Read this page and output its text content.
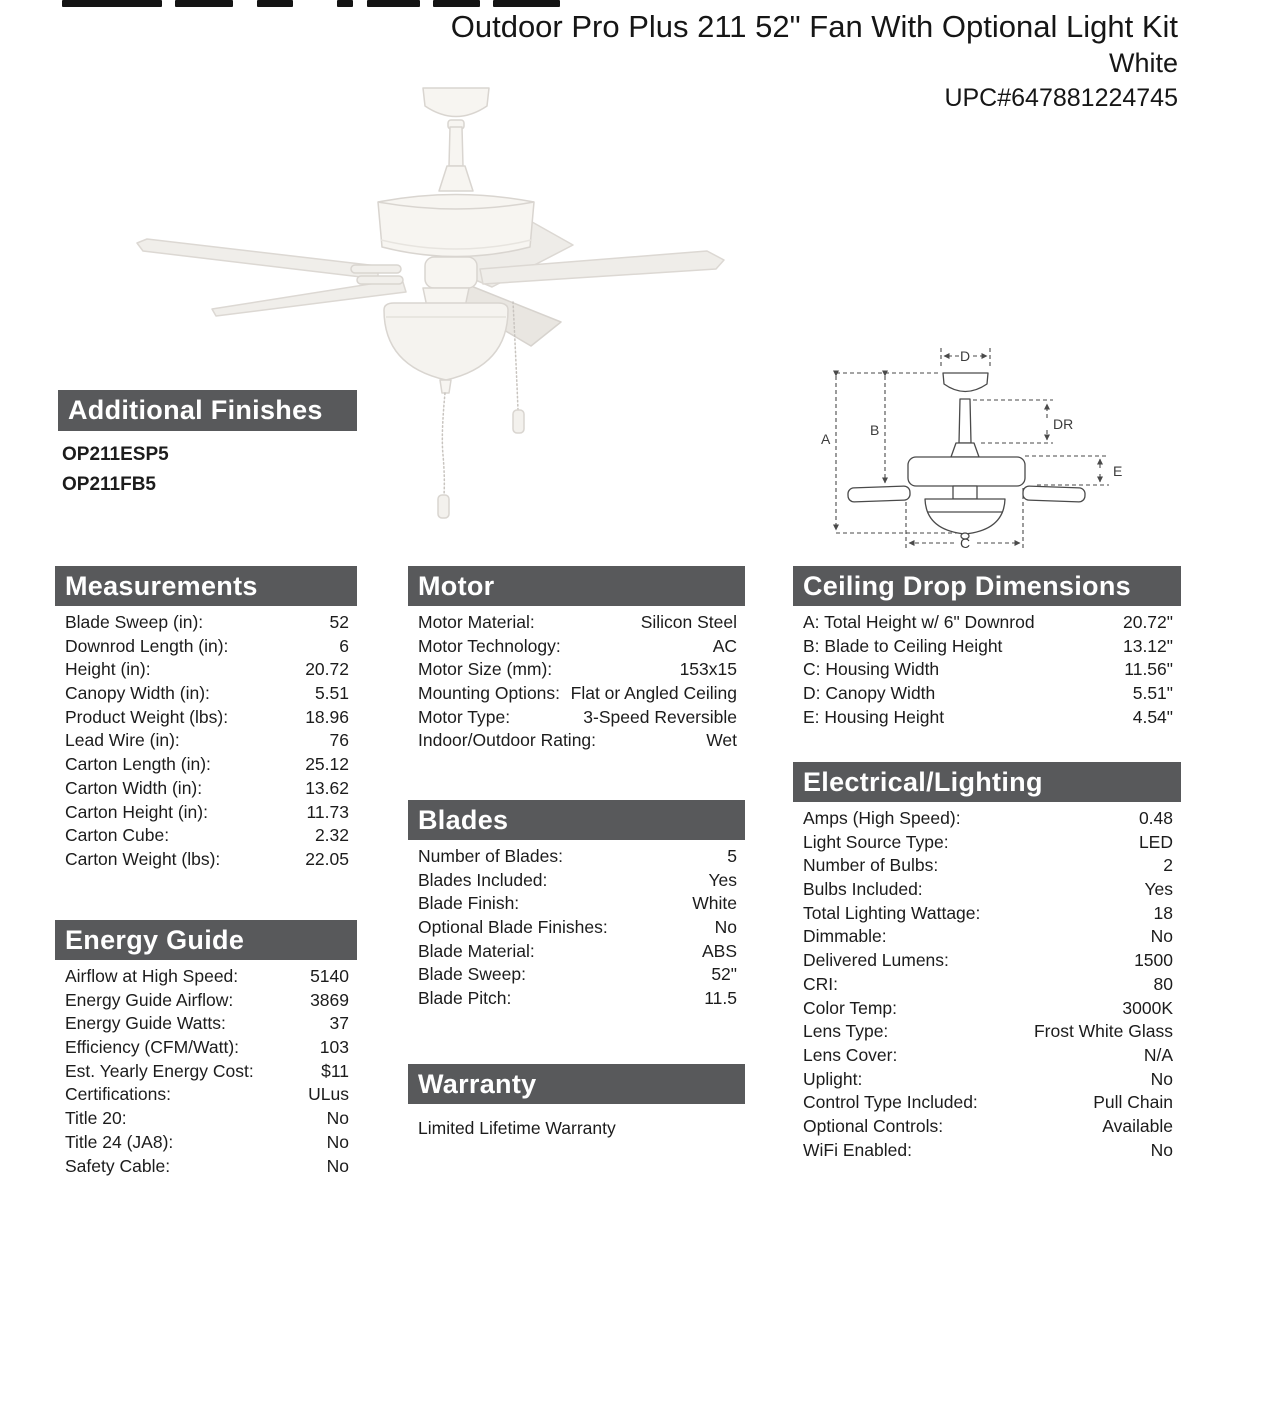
Outdoor Pro Plus 211 52" Fan With Optional Light Kit
White
UPC#647881224745
D
A
B	DR
E
C
Additional Finishes
OP211ESP5
OP211FB5
Measurements
Blade Sweep (in):	52
Downrod Length (in):	6
Height (in):	20.72
Canopy Width (in):	5.51
Product Weight (lbs):	18.96
Lead Wire (in):	76
Carton Length (in):	25.12
Carton Width (in):	13.62
Carton Height (in):	11.73
Carton Cube:	2.32
Carton Weight (lbs):	22.05
Energy Guide
Airflow at High Speed:	5140
Energy Guide Airflow:	3869
Energy Guide Watts:	37
Efficiency (CFM/Watt):	103
Est. Yearly Energy Cost:	$11
Certifications:	ULus
Title 20:	No
Title 24 (JA8):	No
Safety Cable:	No
Motor
Motor Material:	Silicon Steel
Motor Technology:	AC
Motor Size (mm):	153x15
Mounting Options: Flat or Angled Ceiling
Motor Type:	3-Speed Reversible
Indoor/Outdoor Rating:	Wet
Blades
Number of Blades:	5
Blades Included:	Yes
Blade Finish:	White
Optional Blade Finishes:	No
Blade Material:	ABS
Blade Sweep:	52"
Blade Pitch:	11.5
Warranty
Limited Lifetime Warranty
Ceiling Drop Dimensions
A: Total Height w/ 6" Downrod	20.72"
B: Blade to Ceiling Height	13.12"
C: Housing Width	11.56"
D: Canopy Width	5.51"
E: Housing Height	4.54"
Electrical/Lighting
Amps (High Speed):	0.48
Light Source Type:	LED
Number of Bulbs:	2
Bulbs Included:	Yes
Total Lighting Wattage:	18
Dimmable:	No
Delivered Lumens:	1500
CRI:	80
Color Temp:	3000K
Lens Type:	Frost White Glass
Lens Cover:	N/A
Uplight:	No
Control Type Included:	Pull Chain
Optional Controls:	Available
WiFi Enabled:	No
